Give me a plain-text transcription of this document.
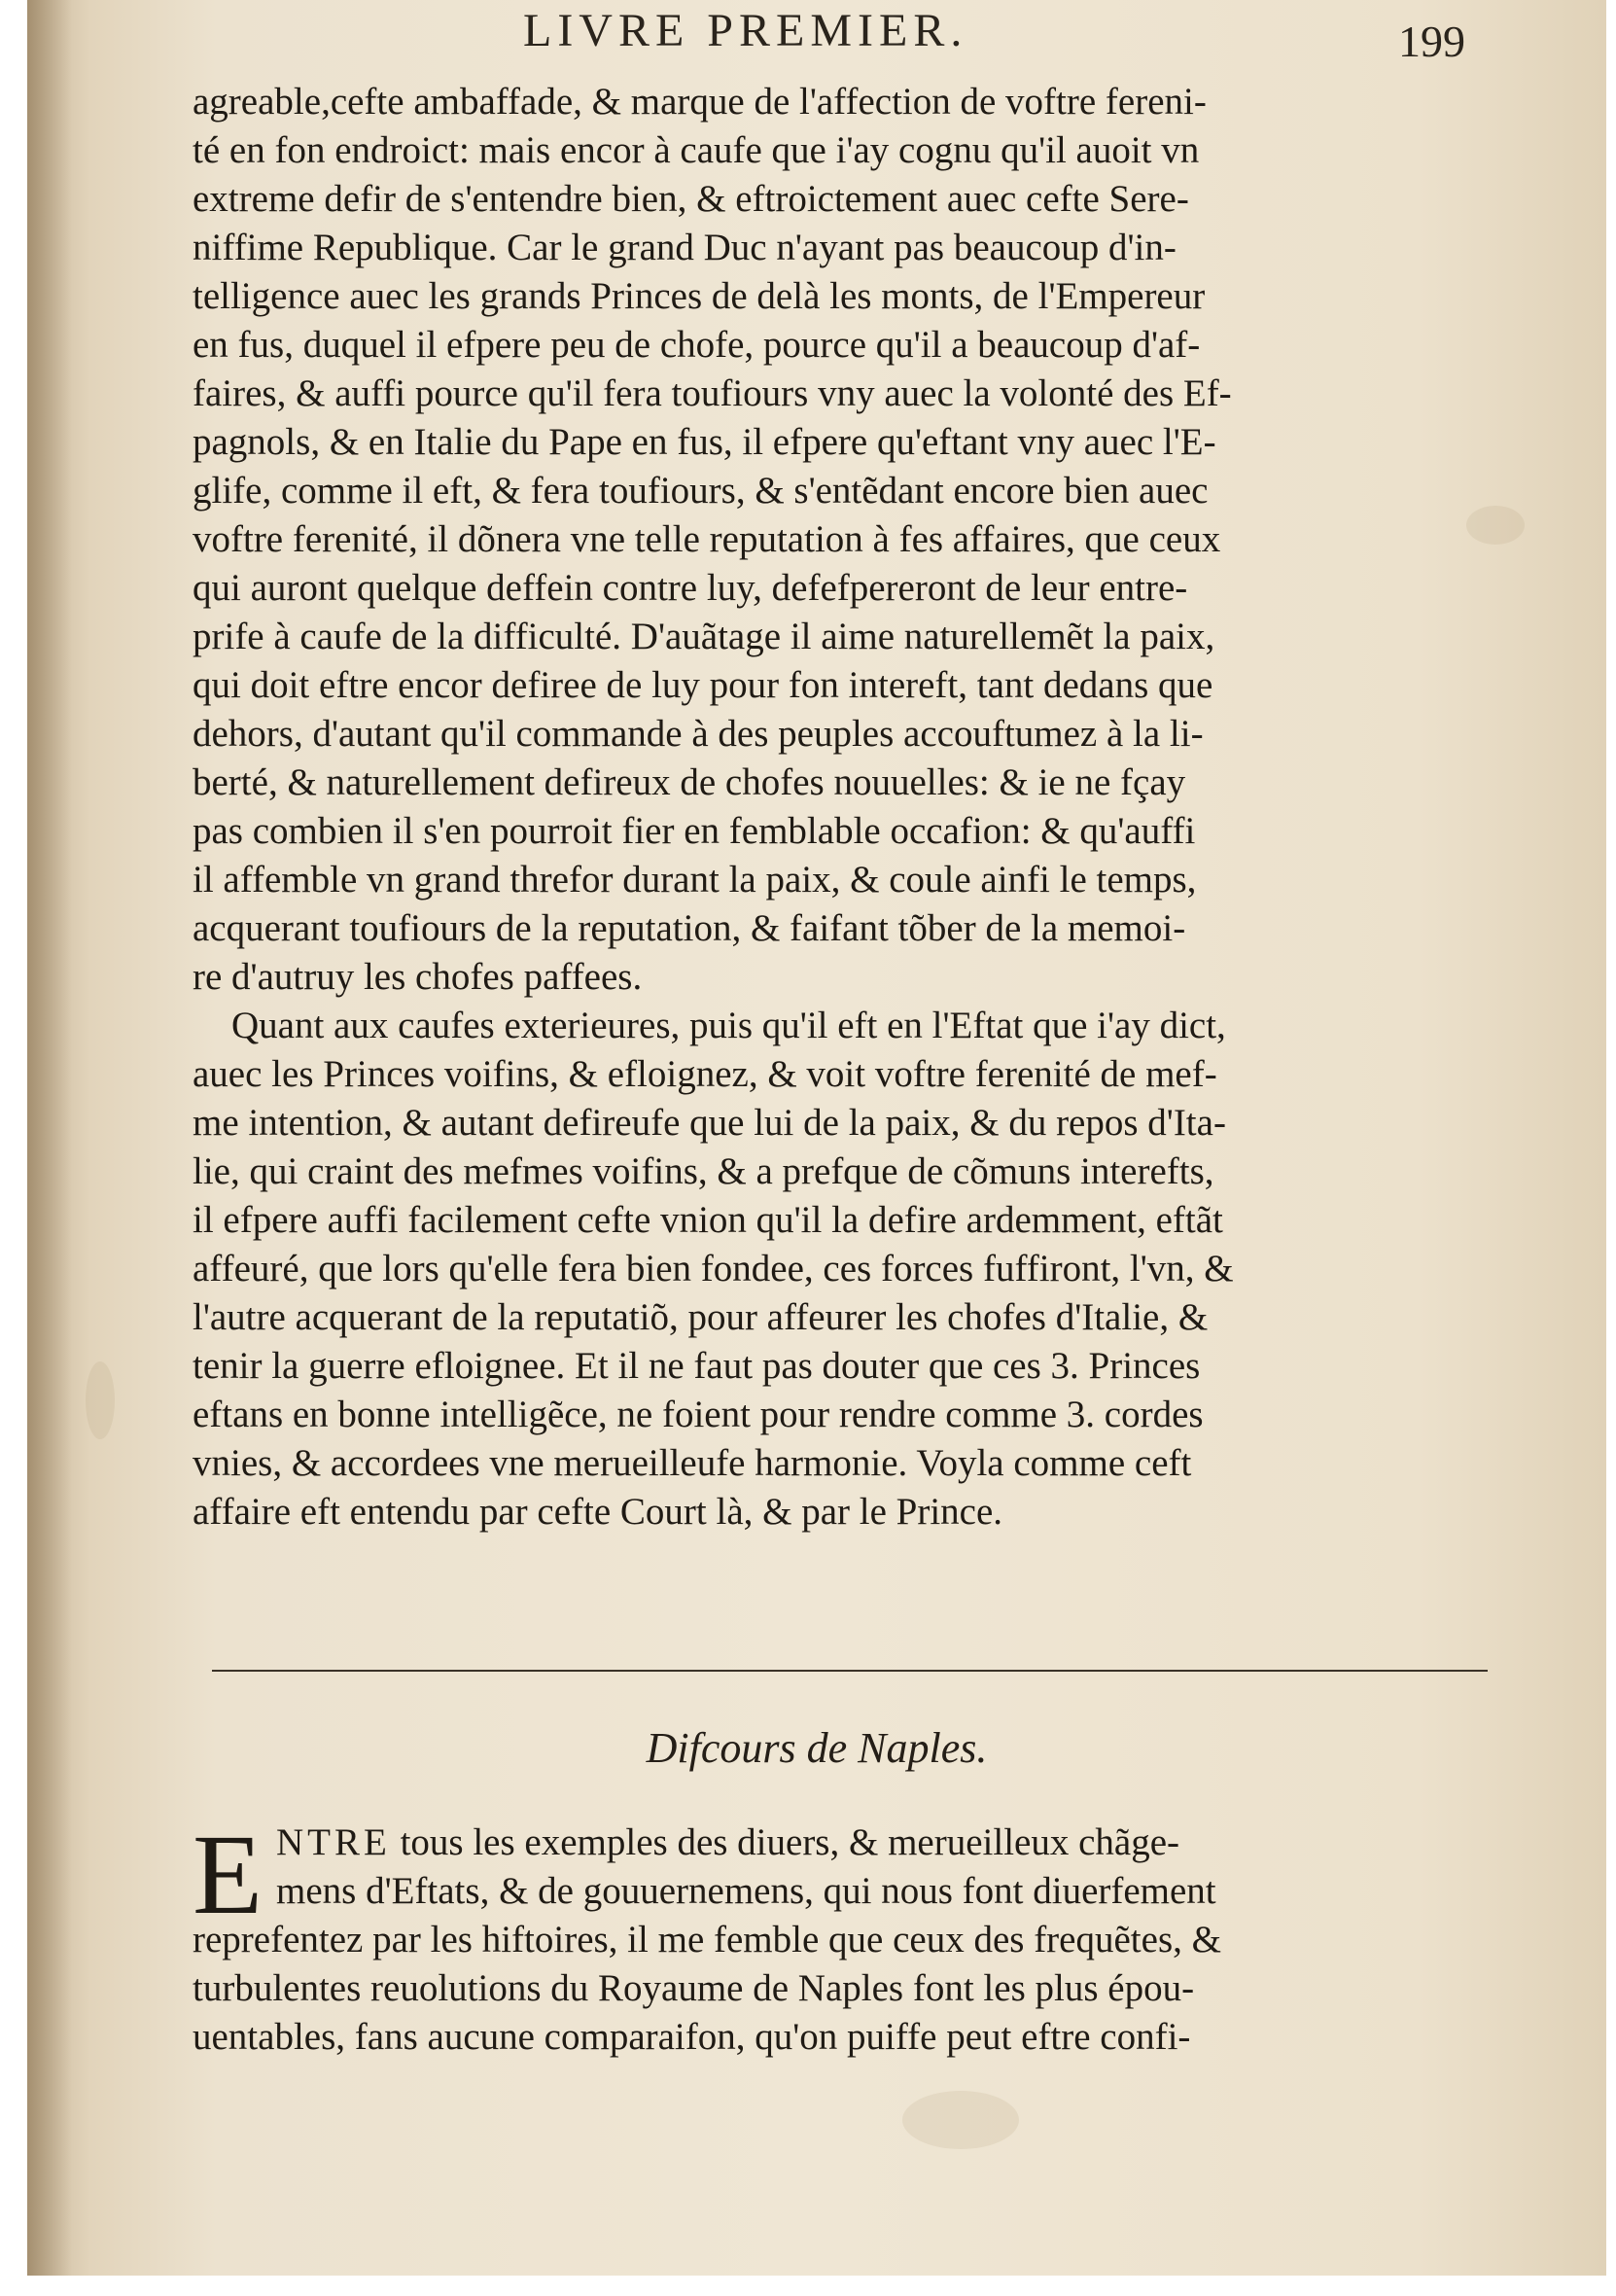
LIVRE PREMIER.	199
agreable,cefte ambaffade, & marque de l'affection de voftre fereni-
té en fon endroict: mais encor à caufe que i'ay cognu qu'il auoit vn
extreme defir de s'entendre bien, & eftroictement auec cefte Sere-
niffime Republique. Car le grand Duc n'ayant pas beaucoup d'in-
telligence auec les grands Princes de delà les monts, de l'Empereur
en fus, duquel il efpere peu de chofe, pource qu'il a beaucoup d'af-
faires, & auffi pource qu'il fera toufiours vny auec la volonté des Ef-
pagnols, & en Italie du Pape en fus, il efpere qu'eftant vny auec l'E-
glife, comme il eft, & fera toufiours, & s'entẽdant encore bien auec
voftre ferenité, il dõnera vne telle reputation à fes affaires, que ceux
qui auront quelque deffein contre luy, defefpereront de leur entre-
prife à caufe de la difficulté. D'auãtage il aime naturellemẽt la paix,
qui doit eftre encor defiree de luy pour fon intereft, tant dedans que
dehors, d'autant qu'il commande à des peuples accouftumez à la li-
berté, & naturellement defireux de chofes nouuelles: & ie ne fçay
pas combien il s'en pourroit fier en femblable occafion: & qu'auffi
il affemble vn grand threfor durant la paix, & coule ainfi le temps,
acquerant toufiours de la reputation, & faifant tõber de la memoi-
re d'autruy les chofes paffees.
Quant aux caufes exterieures, puis qu'il eft en l'Eftat que i'ay dict,
auec les Princes voifins, & efloignez, & voit voftre ferenité de mef-
me intention, & autant defireufe que lui de la paix, & du repos d'Ita-
lie, qui craint des mefmes voifins, & a prefque de cõmuns interefts,
il efpere auffi facilement cefte vnion qu'il la defire ardemment, eftãt
affeuré, que lors qu'elle fera bien fondee, ces forces fuffiront, l'vn, &
l'autre acquerant de la reputatiõ, pour affeurer les chofes d'Italie, &
tenir la guerre efloignee. Et il ne faut pas douter que ces 3. Princes
eftans en bonne intelligẽce, ne foient pour rendre comme 3. cordes
vnies, & accordees vne merueilleufe harmonie. Voyla comme ceft
affaire eft entendu par cefte Court là, & par le Prince.
Difcours de Naples.
E NTRE tous les exemples des diuers, & merueilleux chãge-
mens d'Eftats, & de gouuernemens, qui nous font diuerfement
reprefentez par les hiftoires, il me femble que ceux des frequẽtes, &
turbulentes reuolutions du Royaume de Naples font les plus épou-
uentables, fans aucune comparaifon, qu'on puiffe peut eftre confi-
